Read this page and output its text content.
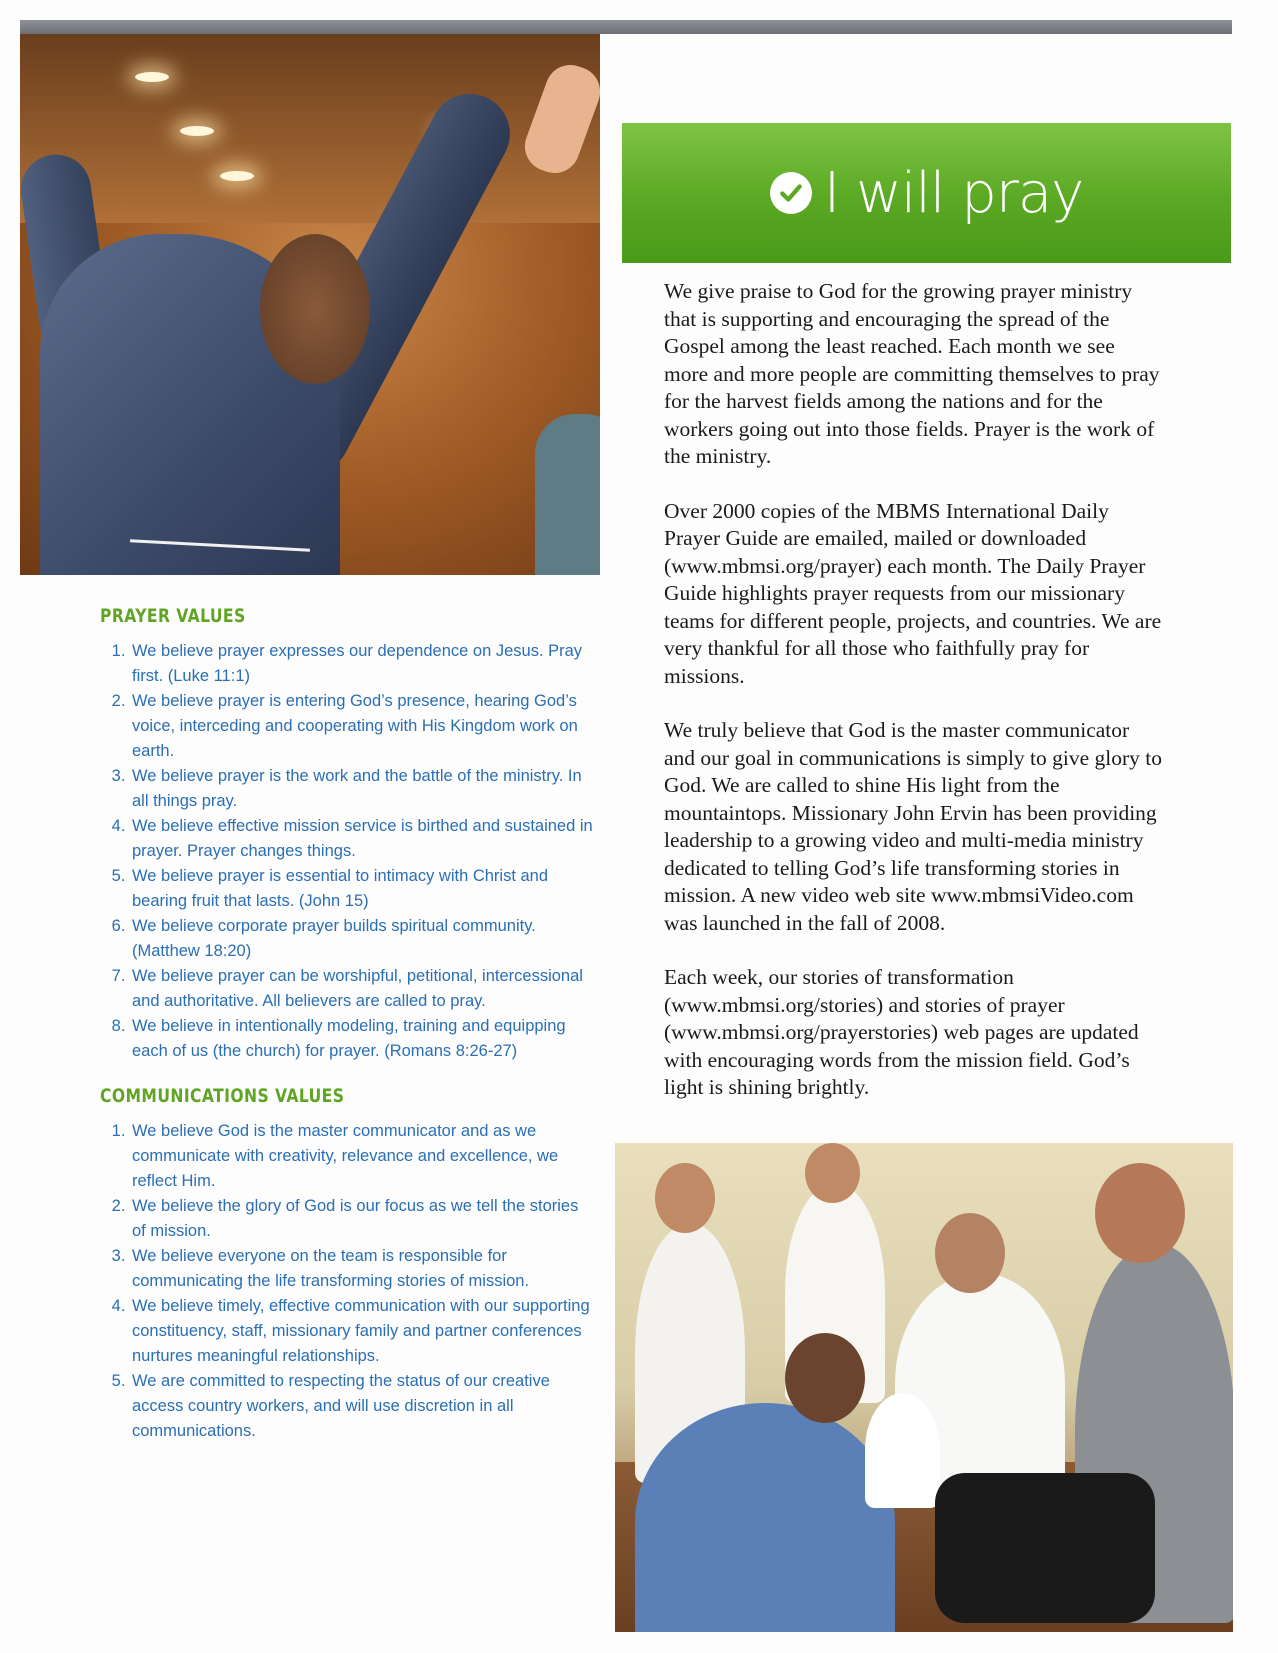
I will pray

We give praise to God for the growing prayer ministry that is supporting and encouraging the spread of the Gospel among the least reached. Each month we see more and more people are committing themselves to pray for the harvest fields among the nations and for the workers going out into those fields. Prayer is the work of the ministry.

Over 2000 copies of the MBMS International Daily Prayer Guide are emailed, mailed or downloaded (www.mbmsi.org/prayer) each month. The Daily Prayer Guide highlights prayer requests from our missionary teams for different people, projects, and countries. We are very thankful for all those who faithfully pray for missions.

We truly believe that God is the master communicator and our goal in communications is simply to give glory to God. We are called to shine His light from the mountaintops. Missionary John Ervin has been providing leadership to a growing video and multi-media ministry dedicated to telling God’s life transforming stories in mission. A new video web site www.mbmsiVideo.com was launched in the fall of 2008.

Each week, our stories of transformation (www.mbmsi.org/stories) and stories of prayer (www.mbmsi.org/prayerstories) web pages are updated with encouraging words from the mission field. God’s light is shining brightly.

PRAYER VALUES
1. We believe prayer expresses our dependence on Jesus. Pray first. (Luke 11:1)
2. We believe prayer is entering God’s presence, hearing God’s voice, interceding and cooperating with His Kingdom work on earth.
3. We believe prayer is the work and the battle of the ministry. In all things pray.
4. We believe effective mission service is birthed and sustained in prayer. Prayer changes things.
5. We believe prayer is essential to intimacy with Christ and bearing fruit that lasts. (John 15)
6. We believe corporate prayer builds spiritual community. (Matthew 18:20)
7. We believe prayer can be worshipful, petitional, intercessional and authoritative. All believers are called to pray.
8. We believe in intentionally modeling, training and equipping each of us (the church) for prayer. (Romans 8:26-27)
COMMUNICATIONS VALUES
1. We believe God is the master communicator and as we communicate with creativity, relevance and excellence, we reflect Him.
2. We believe the glory of God is our focus as we tell the stories of mission.
3. We believe everyone on the team is responsible for communicating the life transforming stories of mission.
4. We believe timely, effective communication with our supporting constituency, staff, missionary family and partner conferences nurtures meaningful relationships.
5. We are committed to respecting the status of our creative access country workers, and will use discretion in all communications.
